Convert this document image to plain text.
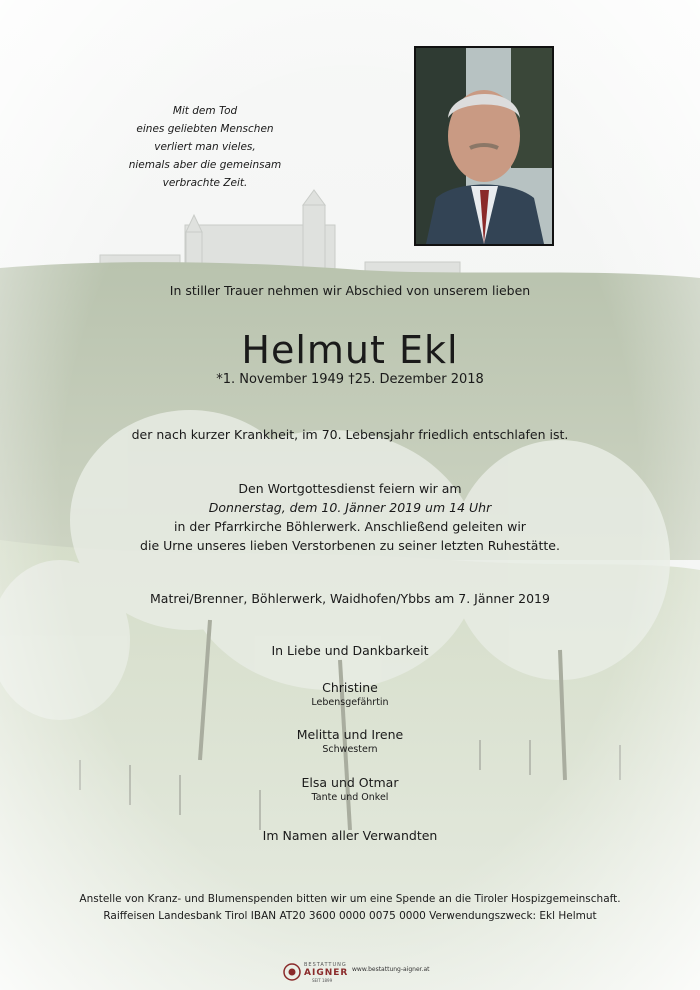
Mit dem Tod
eines geliebten Menschen
verliert man vieles,
niemals aber die gemeinsam
verbrachte Zeit.
In stiller Trauer nehmen wir Abschied von unserem lieben
Helmut Ekl
*1. November 1949 †25. Dezember 2018
der nach kurzer Krankheit, im 70. Lebensjahr friedlich entschlafen ist.
Den Wortgottesdienst feiern wir am
Donnerstag, dem 10. Jänner 2019 um 14 Uhr
in der Pfarrkirche Böhlerwerk. Anschließend geleiten wir
die Urne unseres lieben Verstorbenen zu seiner letzten Ruhestätte.
Matrei/Brenner, Böhlerwerk, Waidhofen/Ybbs am 7. Jänner 2019
In Liebe und Dankbarkeit
Christine
Lebensgefährtin
Melitta und Irene
Schwestern
Elsa und Otmar
Tante und Onkel
Im Namen aller Verwandten
Anstelle von Kranz- und Blumenspenden bitten wir um eine Spende an die Tiroler Hospizgemeinschaft.
Raiffeisen Landesbank Tirol IBAN AT20 3600 0000 0075 0000 Verwendungszweck: Ekl Helmut
BESTATTUNG
AIGNER
SEIT 1899
www.bestattung-aigner.at
